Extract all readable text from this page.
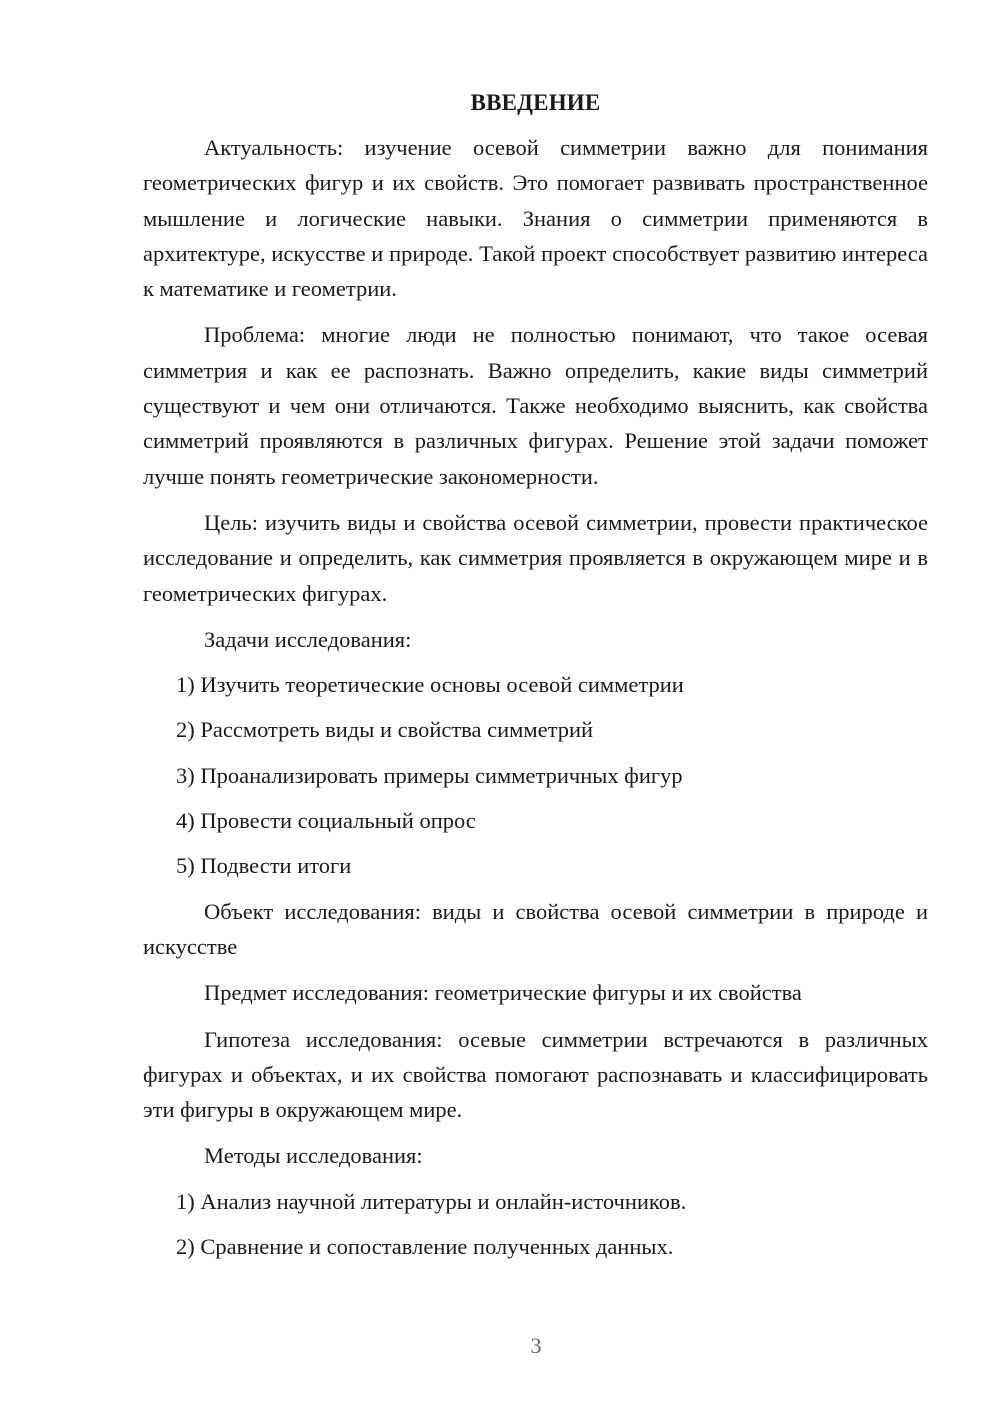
ВВЕДЕНИЕ

Актуальность: изучение осевой симметрии важно для понимания геометрических фигур и их свойств. Это помогает развивать пространственное мышление и логические навыки. Знания о симметрии применяются в архитектуре, искусстве и природе. Такой проект способствует развитию интереса к математике и геометрии.

Проблема: многие люди не полностью понимают, что такое осевая симметрия и как ее распознать. Важно определить, какие виды симметрий существуют и чем они отличаются. Также необходимо выяснить, как свойства симметрий проявляются в различных фигурах. Решение этой задачи поможет лучше понять геометрические закономерности.

Цель: изучить виды и свойства осевой симметрии, провести практическое исследование и определить, как симметрия проявляется в окружающем мире и в геометрических фигурах.

Задачи исследования:

1) Изучить теоретические основы осевой симметрии

2) Рассмотреть виды и свойства симметрий

3) Проанализировать примеры симметричных фигур

4) Провести социальный опрос

5) Подвести итоги

Объект исследования: виды и свойства осевой симметрии в природе и искусстве

Предмет исследования: геометрические фигуры и их свойства

Гипотеза исследования: осевые симметрии встречаются в различных фигурах и объектах, и их свойства помогают распознавать и классифицировать эти фигуры в окружающем мире.

Методы исследования:

1) Анализ научной литературы и онлайн-источников.

2) Сравнение и сопоставление полученных данных.

3
